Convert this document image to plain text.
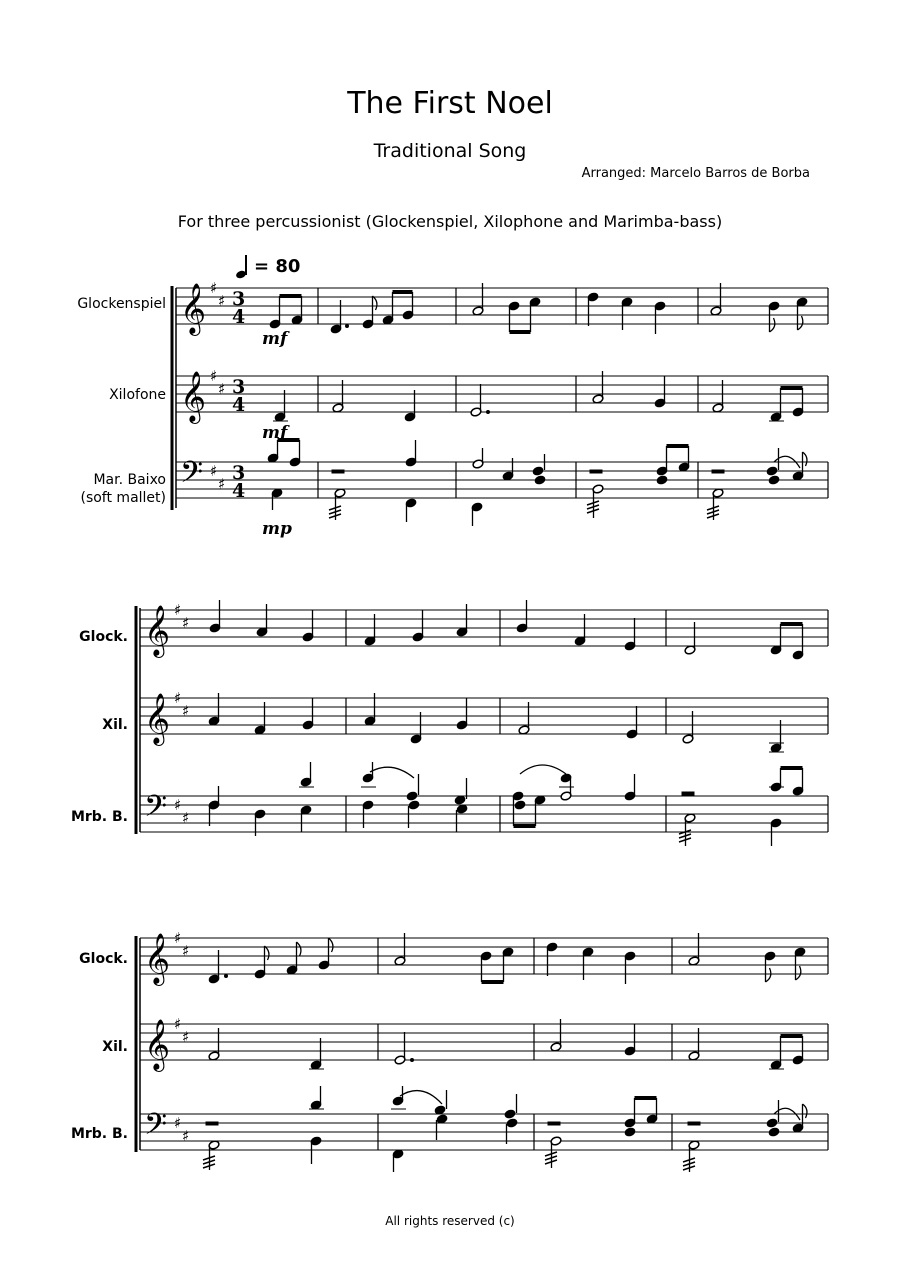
The First Noel
Traditional Song
Arranged: Marcelo Barros de Borba
For three percussionist (Glockenspiel, Xilophone and Marimba-bass)
= 80
Glockenspiel
Xilofone
Mar. Baixo
(soft mallet)
𝄞
𝄞
𝄢
♯
♯
♯
♯
♯
♯
3
4
3
4
3
4
mf
mf
mp
Glock.
Xil.
Mrb. B.
𝄞
𝄞
𝄢
♯
♯
♯
♯
♯
♯
Glock.
Xil.
Mrb. B.
𝄞
𝄞
𝄢
♯
♯
♯
♯
♯
♯
All rights reserved (c)
